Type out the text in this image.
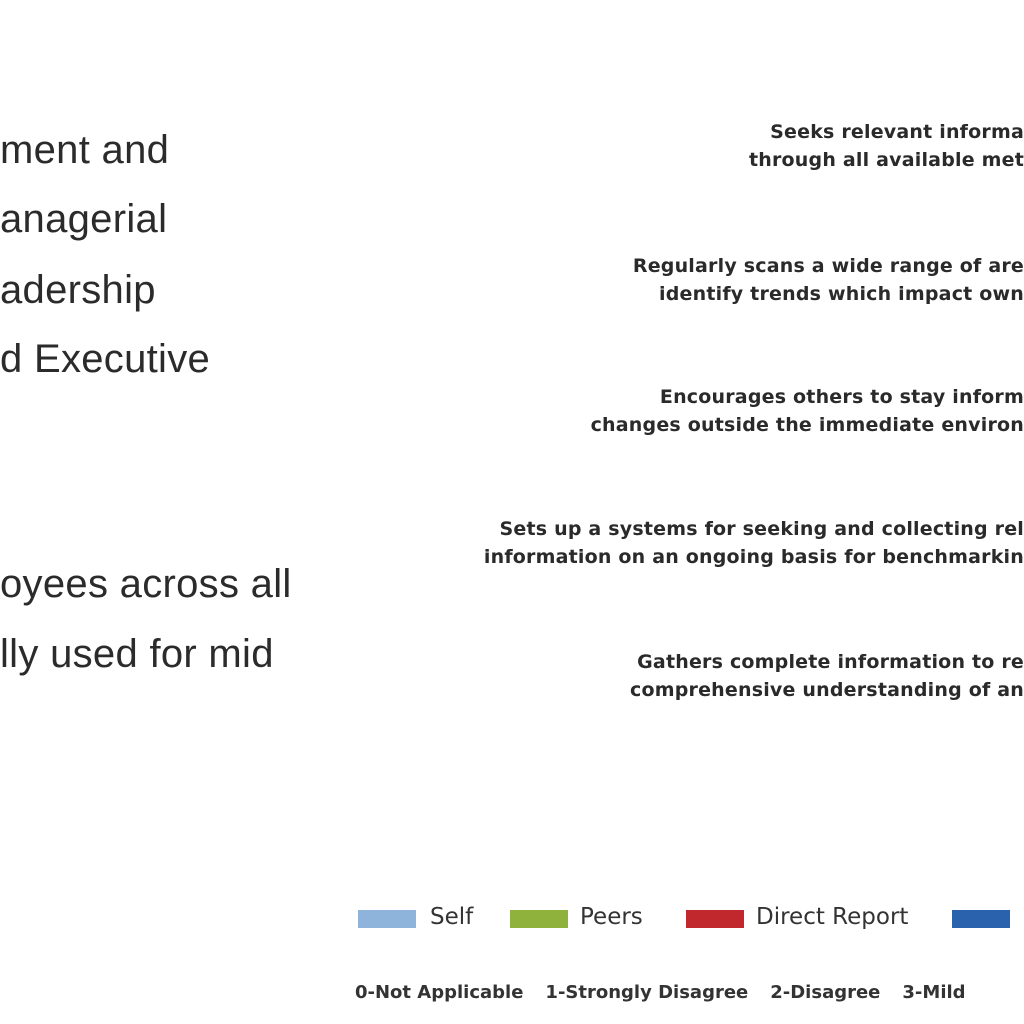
ment and
anagerial
adership
d Executive
oyees across all
lly used for mid
Seeks relevant informa
through all available met
Regularly scans a wide range of are
identify trends which impact own
Encourages others to stay inform
changes outside the immediate environ
Sets up a systems for seeking and collecting rel
information on an ongoing basis for benchmarkin
Gathers complete information to re
comprehensive understanding of an
Self	Peers	Direct Report
0-Not Applicable 1-Strongly Disagree 2-Disagree 3-Mild
